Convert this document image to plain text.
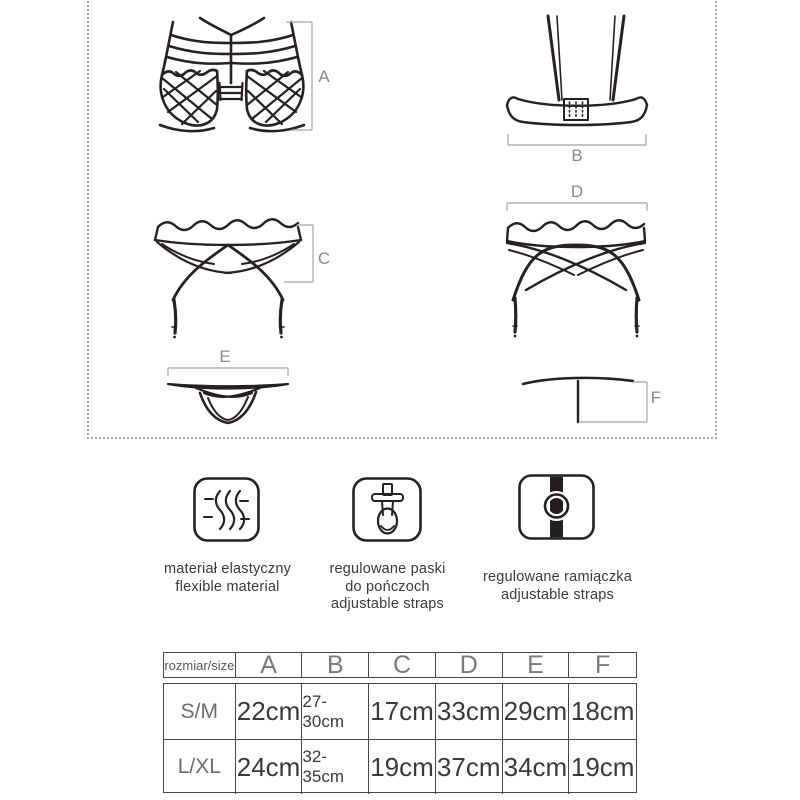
A
B
D
C
E
F
materiał elastyczny
flexible material
regulowane paski
do pończoch
adjustable straps
regulowane ramiączka
adjustable straps
rozmiar/size	A	B	C	D	E	F
S/M 22cm 27-30cm	17cm 33cm 29cm 18cm
L/XL 24cm 32-35cm	19cm 37cm 34cm 19cm
